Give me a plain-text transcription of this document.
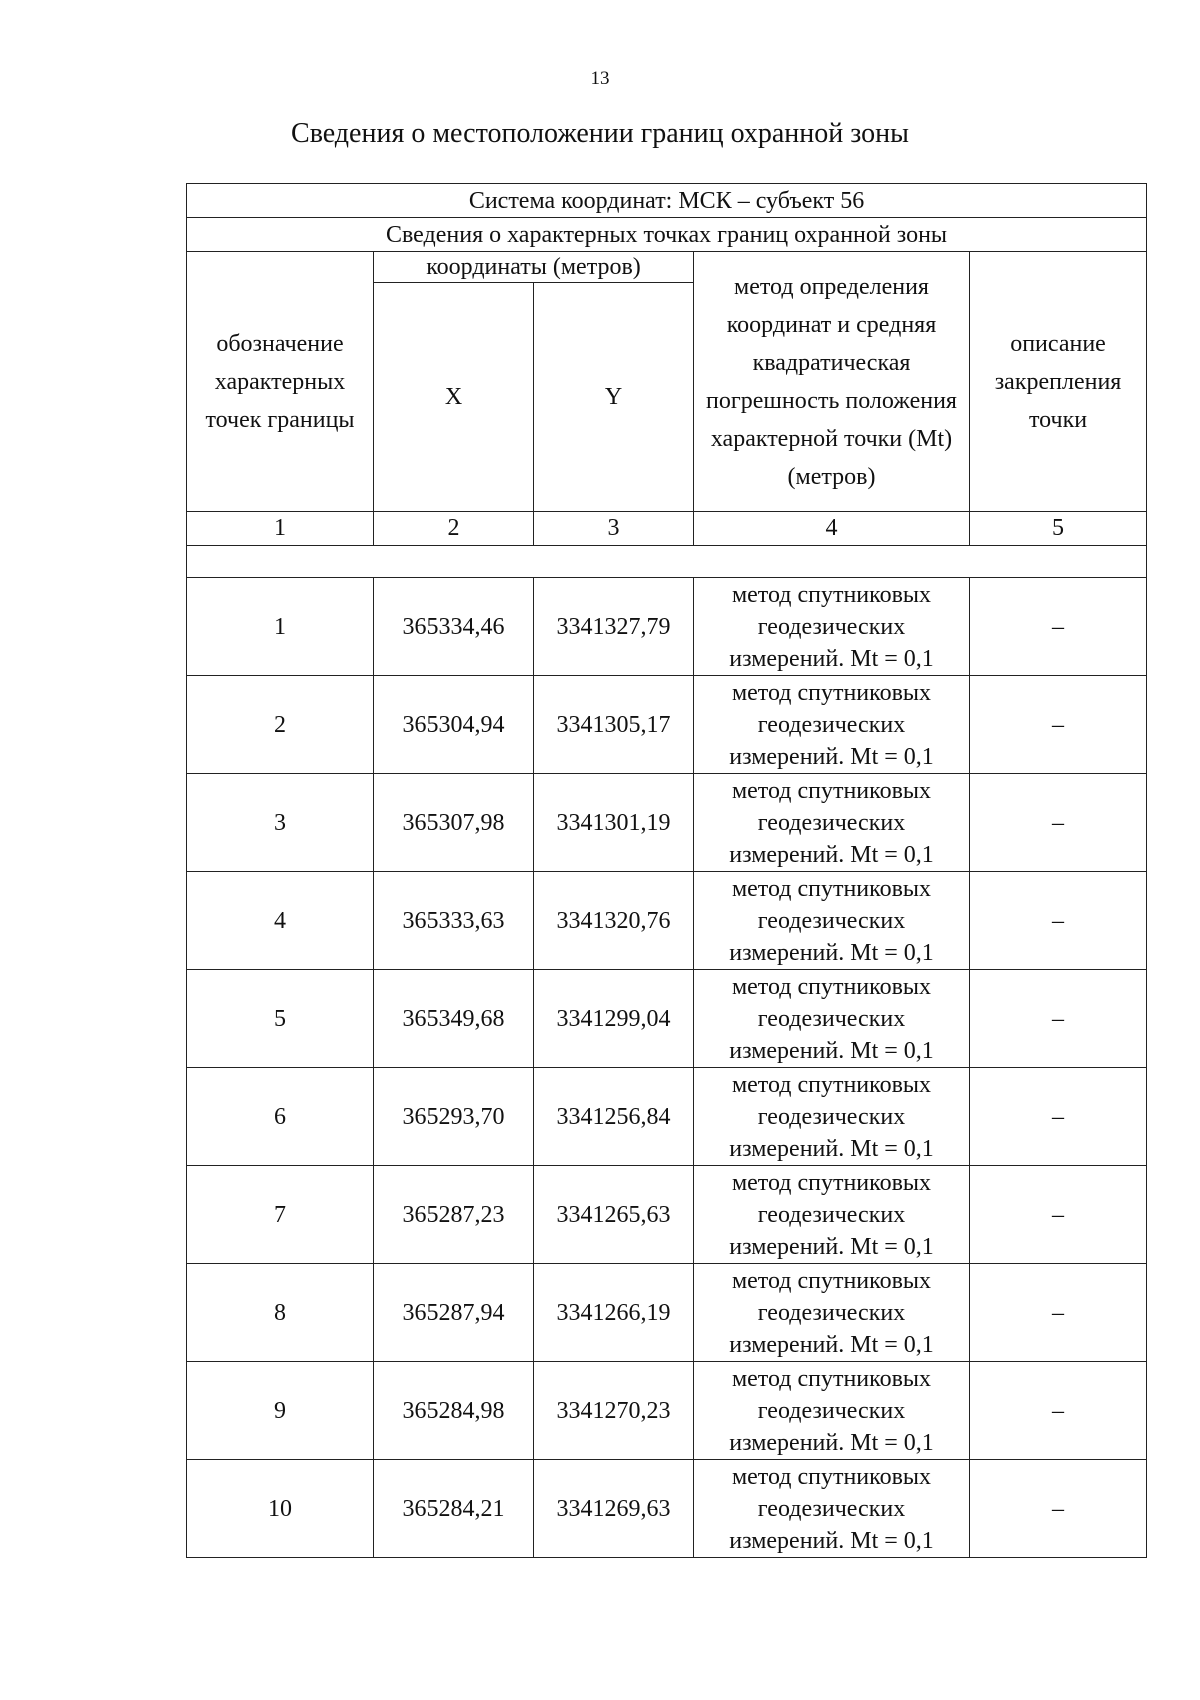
13
Сведения о местоположении границ охранной зоны
Система координат: МСК – субъект 56				
Сведения о характерных точках границ охранной зоны				
обозначение характерных точек границы	координаты (метров)		метод определения координат и средняя квадратическая погрешность положения характерной точки (Mt) (метров)	описание закрепления точки
	X	Y		
1	2	3	4	5

1	365334,46	3341327,79	метод спутниковых геодезических измерений. Mt = 0,1	–
2	365304,94	3341305,17	метод спутниковых геодезических измерений. Mt = 0,1	–
3	365307,98	3341301,19	метод спутниковых геодезических измерений. Mt = 0,1	–
4	365333,63	3341320,76	метод спутниковых геодезических измерений. Mt = 0,1	–
5	365349,68	3341299,04	метод спутниковых геодезических измерений. Mt = 0,1	–
6	365293,70	3341256,84	метод спутниковых геодезических измерений. Mt = 0,1	–
7	365287,23	3341265,63	метод спутниковых геодезических измерений. Mt = 0,1	–
8	365287,94	3341266,19	метод спутниковых геодезических измерений. Mt = 0,1	–
9	365284,98	3341270,23	метод спутниковых геодезических измерений. Mt = 0,1	–
10	365284,21	3341269,63	метод спутниковых геодезических измерений. Mt = 0,1	–
